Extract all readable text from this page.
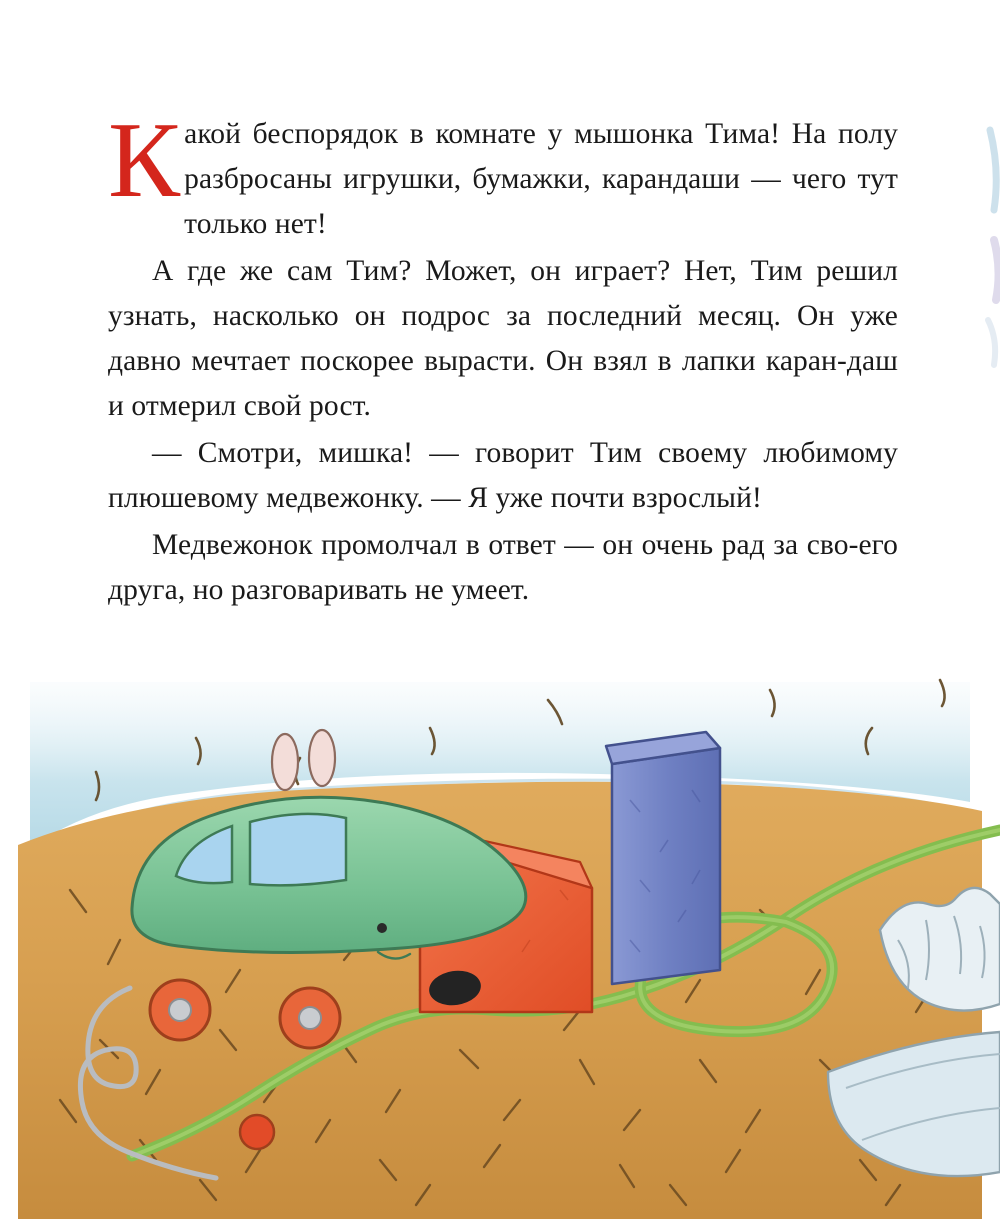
Какой беспорядок в комнате у мышонка Тима! На полу разбросаны игрушки, бумажки, карандаши — чего тут только нет!

А где же сам Тим? Может, он играет? Нет, Тим решил узнать, насколько он подрос за последний месяц. Он уже давно мечтает поскорее вырасти. Он взял в лапки каран-даш и отмерил свой рост.

— Смотри, мишка! — говорит Тим своему любимому плюшевому медвежонку. — Я уже почти взрослый!

Медвежонок промолчал в ответ — он очень рад за сво-его друга, но разговаривать не умеет.
